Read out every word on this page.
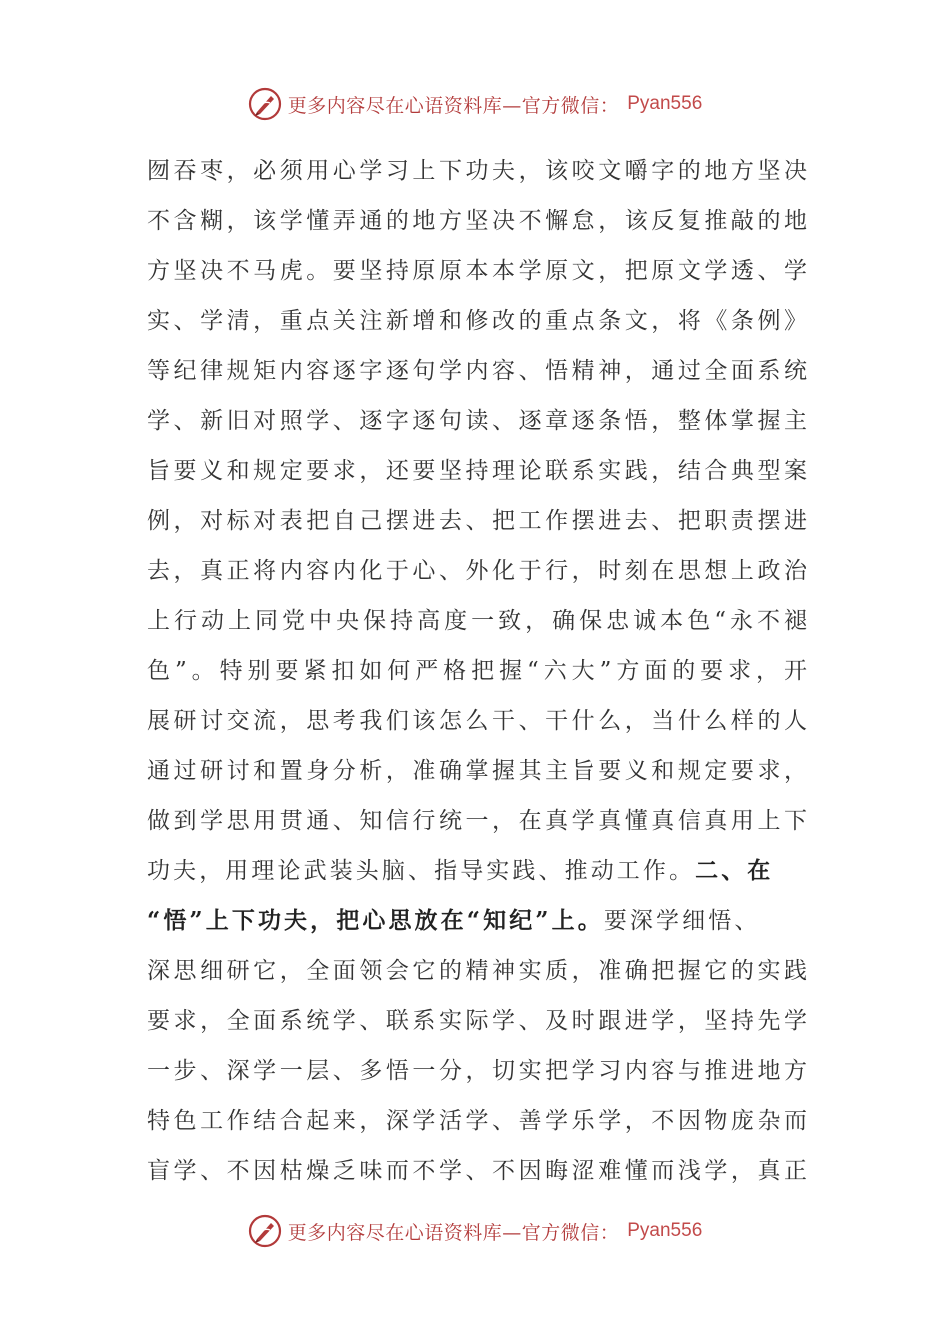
更多内容尽在心语资料库—官方微信： Pyan556
囫吞枣，必须用心学习上下功夫，该咬文嚼字的地方坚决
不含糊，该学懂弄通的地方坚决不懈怠，该反复推敲的地
方坚决不马虎。要坚持原原本本学原文，把原文学透、学
实、学清，重点关注新增和修改的重点条文，将《条例》
等纪律规矩内容逐字逐句学内容、悟精神，通过全面系统
学、新旧对照学、逐字逐句读、逐章逐条悟，整体掌握主
旨要义和规定要求，还要坚持理论联系实践，结合典型案
例，对标对表把自己摆进去、把工作摆进去、把职责摆进
去，真正将内容内化于心、外化于行，时刻在思想上政治
上行动上同党中央保持高度一致，确保忠诚本色“永不褪
色”。特别要紧扣如何严格把握“六大”方面的要求，开
展研讨交流，思考我们该怎么干、干什么，当什么样的人
通过研讨和置身分析，准确掌握其主旨要义和规定要求，
做到学思用贯通、知信行统一，在真学真懂真信真用上下
功夫，用理论武装头脑、指导实践、推动工作。二、在
“悟”上下功夫，把心思放在“知纪”上。要深学细悟、
深思细研它，全面领会它的精神实质，准确把握它的实践
要求，全面系统学、联系实际学、及时跟进学，坚持先学
一步、深学一层、多悟一分，切实把学习内容与推进地方
特色工作结合起来，深学活学、善学乐学，不因物庞杂而
盲学、不因枯燥乏味而不学、不因晦涩难懂而浅学，真正
更多内容尽在心语资料库—官方微信： Pyan556
